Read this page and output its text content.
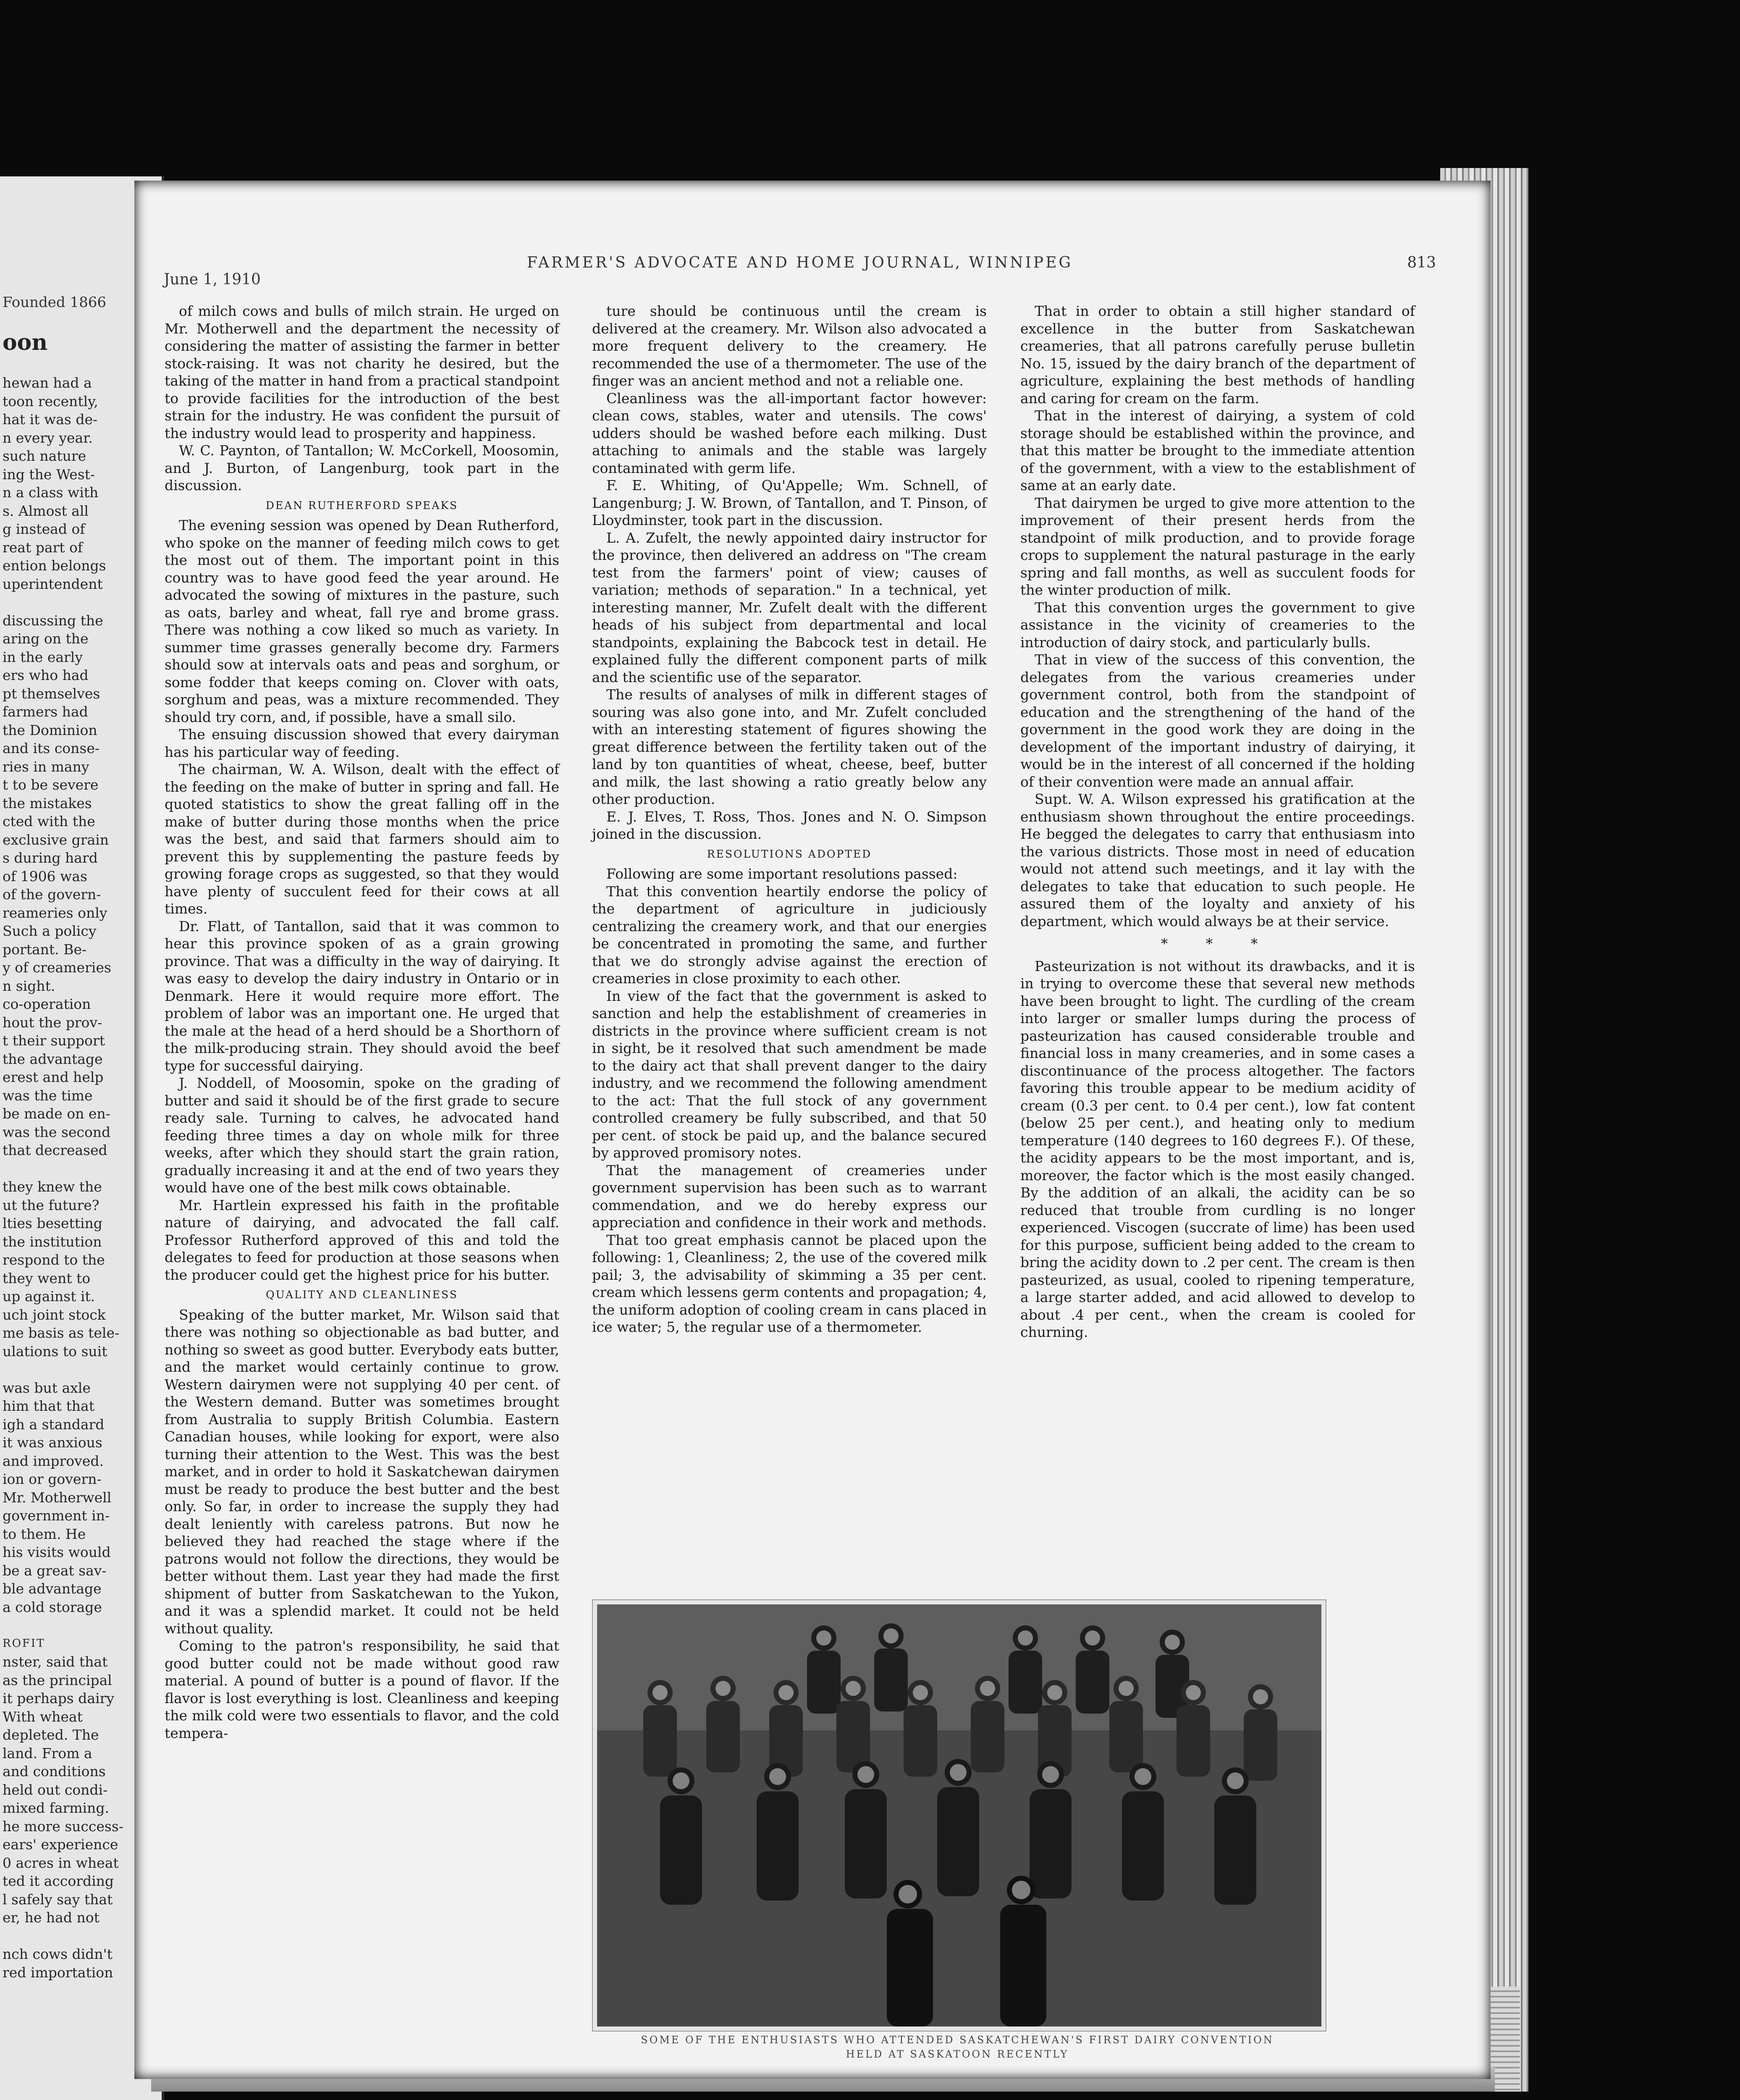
Founded 1866
oon
hewan had a
toon recently,
hat it was de-
n every year.
such nature
ing the West-
n a class with
s. Almost all
g instead of
reat part of
ention belongs
uperintendent

discussing the
aring on the
in the early
ers who had
pt themselves
farmers had
the Dominion
and its conse-
ries in many
t to be severe
the mistakes
cted with the
exclusive grain
s during hard
of 1906 was
of the govern-
reameries only
Such a policy
portant. Be-
y of creameries
n sight.
co-operation
hout the prov-
t their support
the advantage
erest and help
was the time
be made on en-
was the second
that decreased

they knew the
ut the future?
lties besetting
the institution
respond to the
they went to
up against it.
uch joint stock
me basis as tele-
ulations to suit

was but axle
him that that
igh a standard
it was anxious
and improved.
ion or govern-
Mr. Motherwell
government in-
to them. He
his visits would
be a great sav-
ble advantage
a cold storage

ROFIT
nster, said that
as the principal
it perhaps dairy
With wheat
depleted. The
land. From a
and conditions
held out condi-
mixed farming.
he more success-
ears' experience
0 acres in wheat
ted it according
l safely say that
er, he had not

nch cows didn't
red importation
June 1, 1910
FARMER'S ADVOCATE AND HOME JOURNAL, WINNIPEG	813

of milch cows and bulls of milch strain. He urged on Mr. Motherwell and the department the necessity of considering the matter of assisting the farmer in better stock-raising. It was not charity he desired, but the taking of the matter in hand from a practical standpoint to provide facilities for the introduction of the best strain for the industry. He was confident the pursuit of the industry would lead to prosperity and happiness.

W. C. Paynton, of Tantallon; W. McCorkell, Moosomin, and J. Burton, of Langenburg, took part in the discussion.

DEAN RUTHERFORD SPEAKS

The evening session was opened by Dean Rutherford, who spoke on the manner of feeding milch cows to get the most out of them. The important point in this country was to have good feed the year around. He advocated the sowing of mixtures in the pasture, such as oats, barley and wheat, fall rye and brome grass. There was nothing a cow liked so much as variety. In summer time grasses generally become dry. Farmers should sow at intervals oats and peas and sorghum, or some fodder that keeps coming on. Clover with oats, sorghum and peas, was a mixture recommended. They should try corn, and, if possible, have a small silo.

The ensuing discussion showed that every dairyman has his particular way of feeding.

The chairman, W. A. Wilson, dealt with the effect of the feeding on the make of butter in spring and fall. He quoted statistics to show the great falling off in the make of butter during those months when the price was the best, and said that farmers should aim to prevent this by supplementing the pasture feeds by growing forage crops as suggested, so that they would have plenty of succulent feed for their cows at all times.

Dr. Flatt, of Tantallon, said that it was common to hear this province spoken of as a grain growing province. That was a difficulty in the way of dairying. It was easy to develop the dairy industry in Ontario or in Denmark. Here it would require more effort. The problem of labor was an important one. He urged that the male at the head of a herd should be a Shorthorn of the milk-producing strain. They should avoid the beef type for successful dairying.

J. Noddell, of Moosomin, spoke on the grading of butter and said it should be of the first grade to secure ready sale. Turning to calves, he advocated hand feeding three times a day on whole milk for three weeks, after which they should start the grain ration, gradually increasing it and at the end of two years they would have one of the best milk cows obtainable.

Mr. Hartlein expressed his faith in the profitable nature of dairying, and advocated the fall calf. Professor Rutherford approved of this and told the delegates to feed for production at those seasons when the producer could get the highest price for his butter.

QUALITY AND CLEANLINESS

Speaking of the butter market, Mr. Wilson said that there was nothing so objectionable as bad butter, and nothing so sweet as good butter. Everybody eats butter, and the market would certainly continue to grow. Western dairymen were not supplying 40 per cent. of the Western demand. Butter was sometimes brought from Australia to supply British Columbia. Eastern Canadian houses, while looking for export, were also turning their attention to the West. This was the best market, and in order to hold it Saskatchewan dairymen must be ready to produce the best butter and the best only. So far, in order to increase the supply they had dealt leniently with careless patrons. But now he believed they had reached the stage where if the patrons would not follow the directions, they would be better without them. Last year they had made the first shipment of butter from Saskatchewan to the Yukon, and it was a splendid market. It could not be held without quality.

Coming to the patron's responsibility, he said that good butter could not be made without good raw material. A pound of butter is a pound of flavor. If the flavor is lost everything is lost. Cleanliness and keeping the milk cold were two essentials to flavor, and the cold tempera-

ture should be continuous until the cream is delivered at the creamery. Mr. Wilson also advocated a more frequent delivery to the creamery. He recommended the use of a thermometer. The use of the finger was an ancient method and not a reliable one.

Cleanliness was the all-important factor however: clean cows, stables, water and utensils. The cows' udders should be washed before each milking. Dust attaching to animals and the stable was largely contaminated with germ life.

F. E. Whiting, of Qu'Appelle; Wm. Schnell, of Langenburg; J. W. Brown, of Tantallon, and T. Pinson, of Lloydminster, took part in the discussion.

L. A. Zufelt, the newly appointed dairy instructor for the province, then delivered an address on "The cream test from the farmers' point of view; causes of variation; methods of separation." In a technical, yet interesting manner, Mr. Zufelt dealt with the different heads of his subject from departmental and local standpoints, explaining the Babcock test in detail. He explained fully the different component parts of milk and the scientific use of the separator.

The results of analyses of milk in different stages of souring was also gone into, and Mr. Zufelt concluded with an interesting statement of figures showing the great difference between the fertility taken out of the land by ton quantities of wheat, cheese, beef, butter and milk, the last showing a ratio greatly below any other production.

E. J. Elves, T. Ross, Thos. Jones and N. O. Simpson joined in the discussion.

RESOLUTIONS ADOPTED

Following are some important resolutions passed:

That this convention heartily endorse the policy of the department of agriculture in judiciously centralizing the creamery work, and that our energies be concentrated in promoting the same, and further that we do strongly advise against the erection of creameries in close proximity to each other.

In view of the fact that the government is asked to sanction and help the establishment of creameries in districts in the province where sufficient cream is not in sight, be it resolved that such amendment be made to the dairy act that shall prevent danger to the dairy industry, and we recommend the following amendment to the act: That the full stock of any government controlled creamery be fully subscribed, and that 50 per cent. of stock be paid up, and the balance secured by approved promisory notes.

That the management of creameries under government supervision has been such as to warrant commendation, and we do hereby express our appreciation and confidence in their work and methods.

That too great emphasis cannot be placed upon the following: 1, Cleanliness; 2, the use of the covered milk pail; 3, the advisability of skimming a 35 per cent. cream which lessens germ contents and propagation; 4, the uniform adoption of cooling cream in cans placed in ice water; 5, the regular use of a thermometer.

That in order to obtain a still higher standard of excellence in the butter from Saskatchewan creameries, that all patrons carefully peruse bulletin No. 15, issued by the dairy branch of the department of agriculture, explaining the best methods of handling and caring for cream on the farm.

That in the interest of dairying, a system of cold storage should be established within the province, and that this matter be brought to the immediate attention of the government, with a view to the establishment of same at an early date.

That dairymen be urged to give more attention to the improvement of their present herds from the standpoint of milk production, and to provide forage crops to supplement the natural pasturage in the early spring and fall months, as well as succulent foods for the winter production of milk.

That this convention urges the government to give assistance in the vicinity of creameries to the introduction of dairy stock, and particularly bulls.

That in view of the success of this convention, the delegates from the various creameries under government control, both from the standpoint of education and the strengthening of the hand of the government in the good work they are doing in the development of the important industry of dairying, it would be in the interest of all concerned if the holding of their convention were made an annual affair.

Supt. W. A. Wilson expressed his gratification at the enthusiasm shown throughout the entire proceedings. He begged the delegates to carry that enthusiasm into the various districts. Those most in need of education would not attend such meetings, and it lay with the delegates to take that education to such people. He assured them of the loyalty and anxiety of his department, which would always be at their service.

* * *

Pasteurization is not without its drawbacks, and it is in trying to overcome these that several new methods have been brought to light. The curdling of the cream into larger or smaller lumps during the process of pasteurization has caused considerable trouble and financial loss in many creameries, and in some cases a discontinuance of the process altogether. The factors favoring this trouble appear to be medium acidity of cream (0.3 per cent. to 0.4 per cent.), low fat content (below 25 per cent.), and heating only to medium temperature (140 degrees to 160 degrees F.). Of these, the acidity appears to be the most important, and is, moreover, the factor which is the most easily changed. By the addition of an alkali, the acidity can be so reduced that trouble from curdling is no longer experienced. Viscogen (succrate of lime) has been used for this purpose, sufficient being added to the cream to bring the acidity down to .2 per cent. The cream is then pasteurized, as usual, cooled to ripening temperature, a large starter added, and acid allowed to develop to about .4 per cent., when the cream is cooled for churning.

SOME OF THE ENTHUSIASTS WHO ATTENDED SASKATCHEWAN'S FIRST DAIRY CONVENTION
HELD AT SASKATOON RECENTLY
